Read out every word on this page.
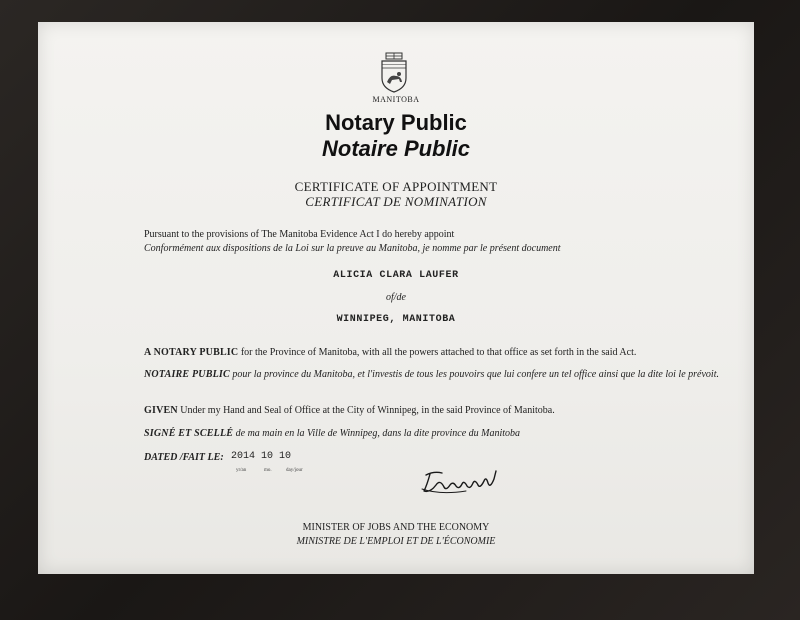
MANITOBA
Notary Public
Notaire Public
CERTIFICATE OF APPOINTMENT
CERTIFICAT DE NOMINATION
Pursuant to the provisions of The Manitoba Evidence Act I do hereby appoint
Conformément aux dispositions de la Loi sur la preuve au Manitoba, je nomme par le présent document
ALICIA CLARA LAUFER
of/de
WINNIPEG, MANITOBA
A NOTARY PUBLIC for the Province of Manitoba, with all the powers attached to that office as set forth in the said Act.
NOTAIRE PUBLIC pour la province du Manitoba, et l'investis de tous les pouvoirs que lui confere un tel office ainsi que la dite loi le prévoit.
GIVEN Under my Hand and Seal of Office at the City of Winnipeg, in the said Province of Manitoba.
SIGNÉ ET SCELLÉ de ma main en la Ville de Winnipeg, dans la dite province du Manitoba
DATED /FAIT LE: 2014 10 10
yr/an	mo.	day/jour
MINISTER OF JOBS AND THE ECONOMY
MINISTRE DE L'EMPLOI ET DE L'ÉCONOMIE
